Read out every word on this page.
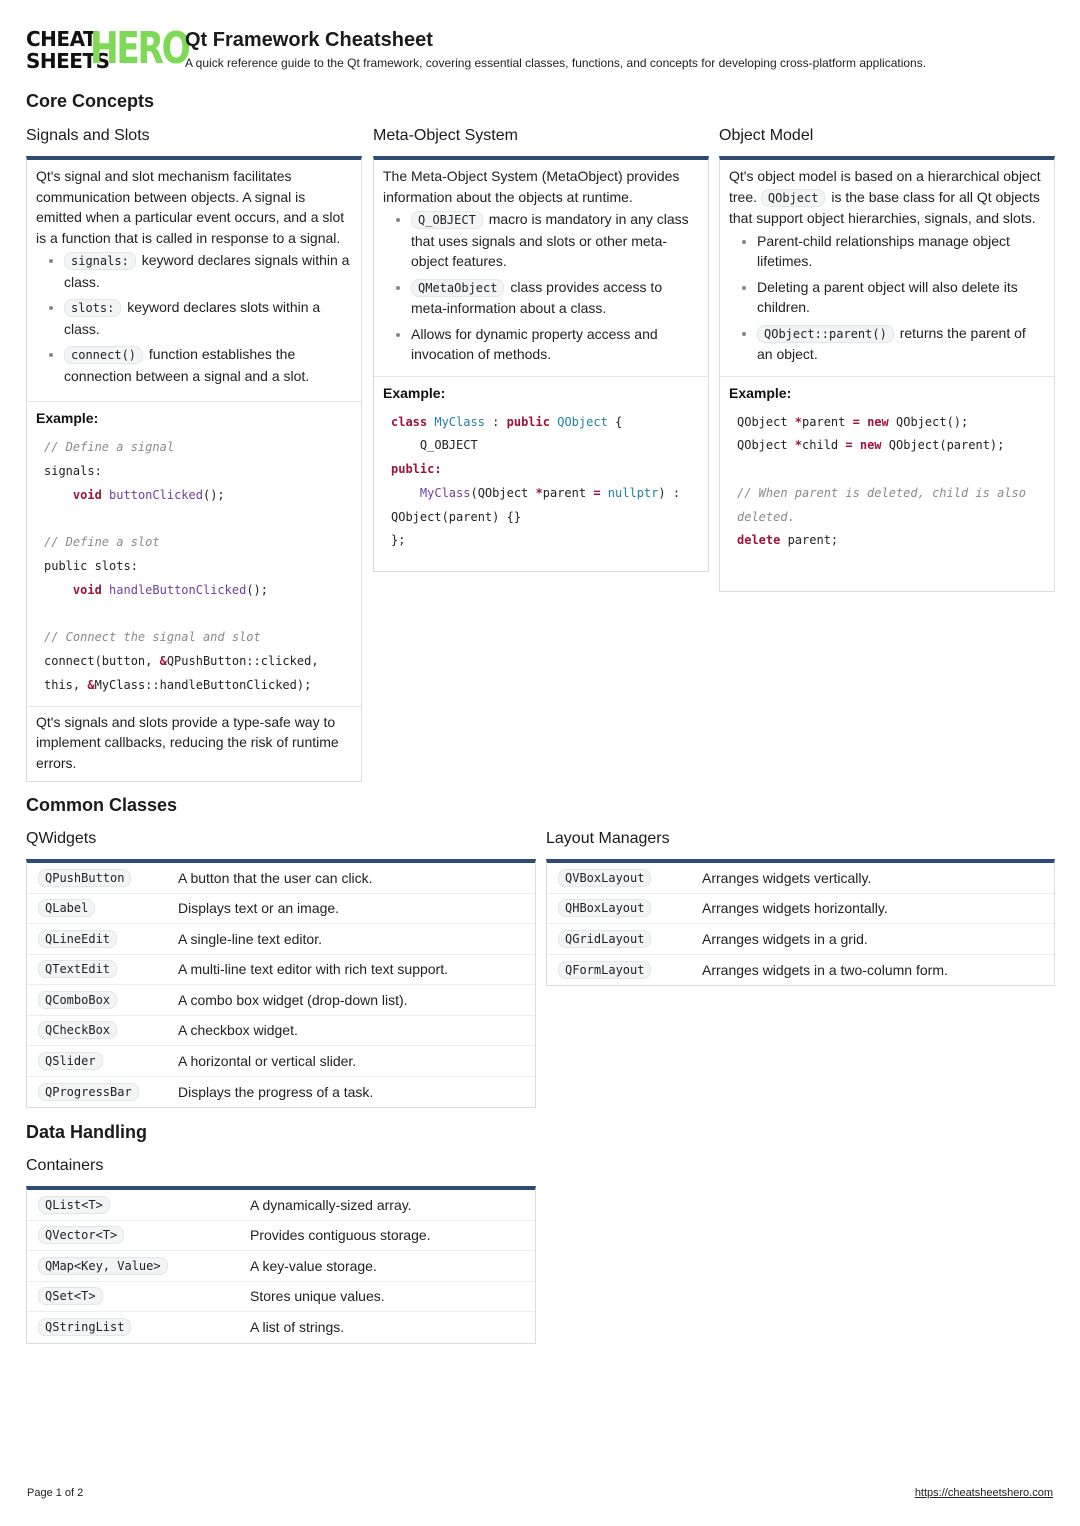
CHEAT
SHEETS
HERO
Qt Framework Cheatsheet
A quick reference guide to the Qt framework, covering essential classes, functions, and concepts for developing cross-platform applications.
Core Concepts
Signals and Slots	Meta-Object System	Object Model
Qt's signal and slot mechanism facilitates communication between objects. A signal is emitted when a particular event occurs, and a slot is a function that is called in response to a signal.
• signals: keyword declares signals within a class.
• slots: keyword declares slots within a class.
• connect() function establishes the connection between a signal and a slot.
Example:
// Define a signal
signals:
void buttonClicked();

// Define a slot
public slots:
void handleButtonClicked();

// Connect the signal and slot
connect(button, &QPushButton::clicked,
this, &MyClass::handleButtonClicked);
Qt's signals and slots provide a type-safe way to implement callbacks, reducing the risk of runtime errors.
The Meta-Object System (MetaObject) provides information about the objects at runtime.
• Q_OBJECT macro is mandatory in any class that uses signals and slots or other meta-object features.
• QMetaObject class provides access to meta-information about a class.
• Allows for dynamic property access and invocation of methods.
Example:
class MyClass : public QObject {
Q_OBJECT
public:
MyClass(QObject *parent = nullptr) :
QObject(parent) {}
};
Qt's object model is based on a hierarchical object tree. QObject is the base class for all Qt objects that support object hierarchies, signals, and slots.
• Parent-child relationships manage object lifetimes.
• Deleting a parent object will also delete its children.
• QObject::parent() returns the parent of an object.
Example:
QObject *parent = new QObject();
QObject *child = new QObject(parent);

// When parent is deleted, child is also
deleted.
delete parent;
Common Classes
QWidgets	Layout Managers
QPushButton	A button that the user can click.
QLabel	Displays text or an image.
QLineEdit	A single-line text editor.
QTextEdit	A multi-line text editor with rich text support.
QComboBox	A combo box widget (drop-down list).
QCheckBox	A checkbox widget.
QSlider	A horizontal or vertical slider.
QProgressBar	Displays the progress of a task.
QVBoxLayout	Arranges widgets vertically.
QHBoxLayout	Arranges widgets horizontally.
QGridLayout	Arranges widgets in a grid.
QFormLayout	Arranges widgets in a two-column form.
Data Handling
Containers
QList<T>	A dynamically-sized array.
QVector<T>	Provides contiguous storage.
QMap<Key, Value>	A key-value storage.
QSet<T>	Stores unique values.
QStringList	A list of strings.
Page 1 of 2	https://cheatsheetshero.com
